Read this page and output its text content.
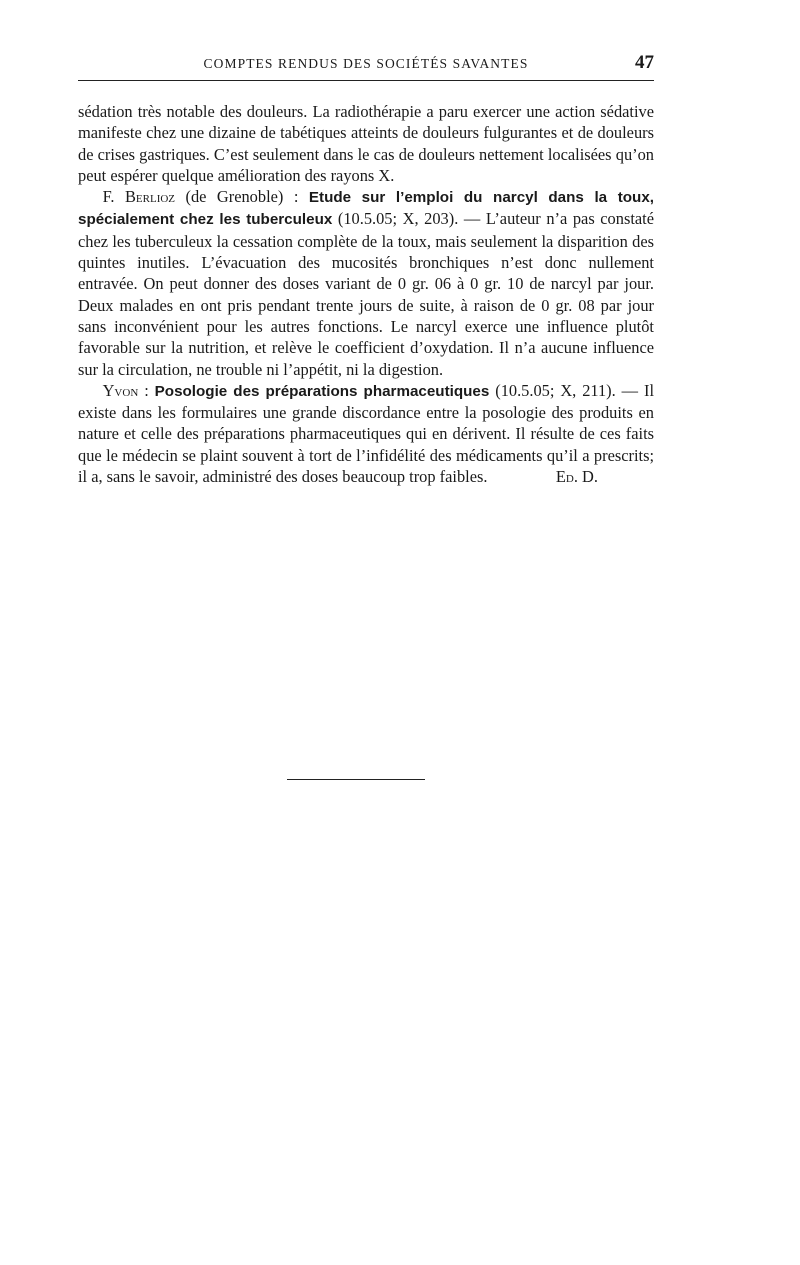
COMPTES RENDUS DES SOCIÉTÉS SAVANTES	47

sédation très notable des douleurs. La radiothérapie a paru exercer une action sédative manifeste chez une dizaine de tabétiques atteints de douleurs fulgurantes et de douleurs de crises gastriques. C’est seulement dans le cas de douleurs nettement localisées qu’on peut espérer quelque amélioration des rayons X.

F. Berlioz (de Grenoble) : Etude sur l’emploi du narcyl dans la toux, spécialement chez les tuberculeux (10.5.05; X, 203). — L’auteur n’a pas constaté chez les tuberculeux la cessation complète de la toux, mais seulement la disparition des quintes inutiles. L’évacuation des mucosités bronchiques n’est donc nullement entravée. On peut donner des doses variant de 0 gr. 06 à 0 gr. 10 de narcyl par jour. Deux malades en ont pris pendant trente jours de suite, à raison de 0 gr. 08 par jour sans inconvénient pour les autres fonctions. Le narcyl exerce une influence plutôt favorable sur la nutrition, et relève le coefficient d’oxydation. Il n’a aucune influence sur la circulation, ne trouble ni l’appétit, ni la digestion.

Yvon : Posologie des préparations pharmaceutiques (10.5.05; X, 211). — Il existe dans les formulaires une grande discordance entre la posologie des produits en nature et celle des préparations pharmaceutiques qui en dérivent. Il résulte de ces faits que le médecin se plaint souvent à tort de l’infidélité des médicaments qu’il a prescrits; il a, sans le savoir, administré des doses beaucoup trop faibles.	Ed. D.
